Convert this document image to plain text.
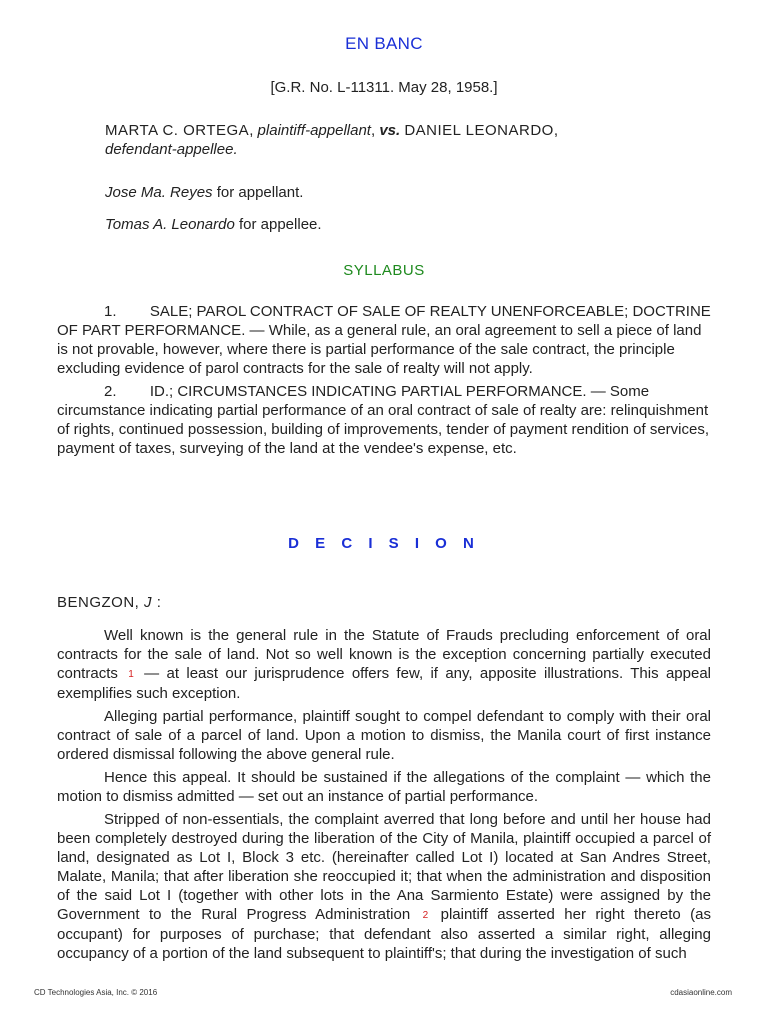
EN BANC
[G.R. No. L-11311. May 28, 1958.]
MARTA C. ORTEGA, plaintiff-appellant, vs. DANIEL LEONARDO,
defendant-appellee.
Jose Ma. Reyes for appellant.
Tomas A. Leonardo for appellee.
SYLLABUS

1.        SALE; PAROL CONTRACT OF SALE OF REALTY UNENFORCEABLE; DOCTRINE OF PART PERFORMANCE. — While, as a general rule, an oral agreement to sell a piece of land is not provable, however, where there is partial performance of the sale contract, the principle excluding evidence of parol contracts for the sale of realty will not apply.

2.        ID.; CIRCUMSTANCES INDICATING PARTIAL PERFORMANCE. — Some circumstance indicating partial performance of an oral contract of sale of realty are: relinquishment of rights, continued possession, building of improvements, tender of payment rendition of services, payment of taxes, surveying of the land at the vendee's expense, etc.

D E C I S I O N
BENGZON, J :

Well known is the general rule in the Statute of Frauds precluding enforcement of oral contracts for the sale of land. Not so well known is the exception concerning partially executed contracts 1 — at least our jurisprudence offers few, if any, apposite illustrations. This appeal exemplifies such exception.

Alleging partial performance, plaintiff sought to compel defendant to comply with their oral contract of sale of a parcel of land. Upon a motion to dismiss, the Manila court of first instance ordered dismissal following the above general rule.

Hence this appeal. It should be sustained if the allegations of the complaint — which the motion to dismiss admitted — set out an instance of partial performance.

Stripped of non-essentials, the complaint averred that long before and until her house had been completely destroyed during the liberation of the City of Manila, plaintiff occupied a parcel of land, designated as Lot I, Block 3 etc. (hereinafter called Lot I) located at San Andres Street, Malate, Manila; that after liberation she reoccupied it; that when the administration and disposition of the said Lot I (together with other lots in the Ana Sarmiento Estate) were assigned by the Government to the Rural Progress Administration 2 plaintiff asserted her right thereto (as occupant) for purposes of purchase; that defendant also asserted a similar right, alleging occupancy of a portion of the land subsequent to plaintiff's; that during the investigation of such

CD Technologies Asia, Inc. © 2016	cdasiaonline.com
